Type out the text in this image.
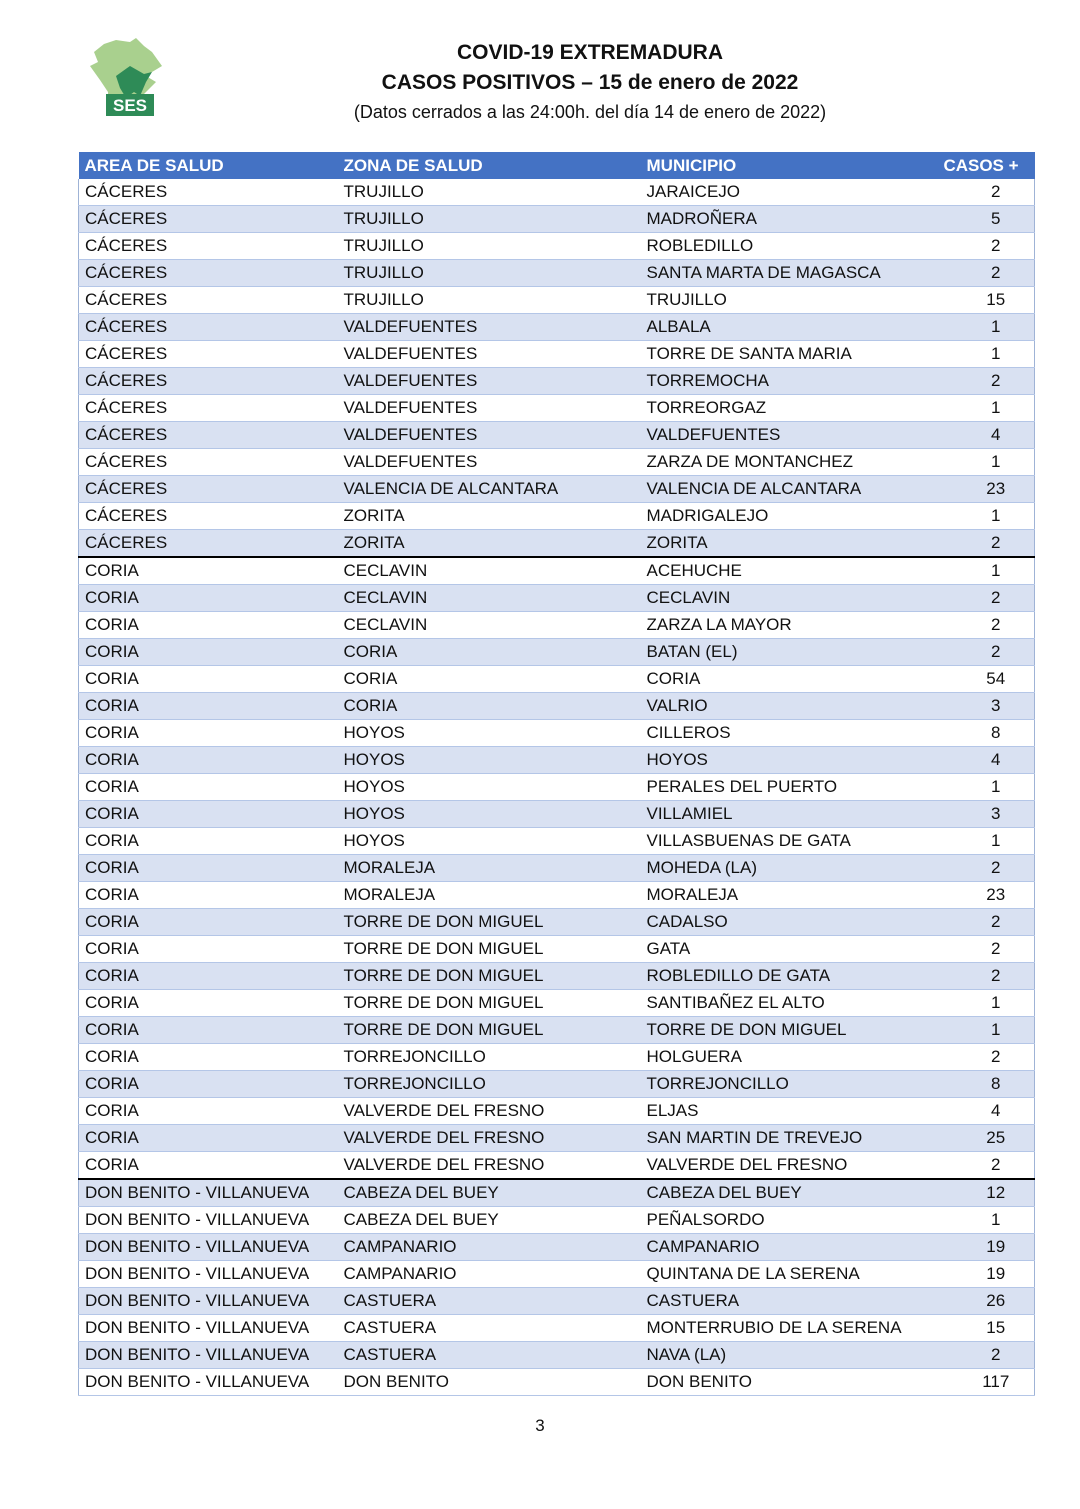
SES
COVID-19 EXTREMADURA
CASOS POSITIVOS – 15 de enero de 2022
(Datos cerrados a las 24:00h. del día 14 de enero de 2022)
AREA DE SALUD	ZONA DE SALUD	MUNICIPIO	CASOS +
CÁCERES	TRUJILLO	JARAICEJO	2
CÁCERES	TRUJILLO	MADROÑERA	5
CÁCERES	TRUJILLO	ROBLEDILLO	2
CÁCERES	TRUJILLO	SANTA MARTA DE MAGASCA	2
CÁCERES	TRUJILLO	TRUJILLO	15
CÁCERES	VALDEFUENTES	ALBALA	1
CÁCERES	VALDEFUENTES	TORRE DE SANTA MARIA	1
CÁCERES	VALDEFUENTES	TORREMOCHA	2
CÁCERES	VALDEFUENTES	TORREORGAZ	1
CÁCERES	VALDEFUENTES	VALDEFUENTES	4
CÁCERES	VALDEFUENTES	ZARZA DE MONTANCHEZ	1
CÁCERES	VALENCIA DE ALCANTARA	VALENCIA DE ALCANTARA	23
CÁCERES	ZORITA	MADRIGALEJO	1
CÁCERES	ZORITA	ZORITA	2
CORIA	CECLAVIN	ACEHUCHE	1
CORIA	CECLAVIN	CECLAVIN	2
CORIA	CECLAVIN	ZARZA LA MAYOR	2
CORIA	CORIA	BATAN (EL)	2
CORIA	CORIA	CORIA	54
CORIA	CORIA	VALRIO	3
CORIA	HOYOS	CILLEROS	8
CORIA	HOYOS	HOYOS	4
CORIA	HOYOS	PERALES DEL PUERTO	1
CORIA	HOYOS	VILLAMIEL	3
CORIA	HOYOS	VILLASBUENAS DE GATA	1
CORIA	MORALEJA	MOHEDA (LA)	2
CORIA	MORALEJA	MORALEJA	23
CORIA	TORRE DE DON MIGUEL	CADALSO	2
CORIA	TORRE DE DON MIGUEL	GATA	2
CORIA	TORRE DE DON MIGUEL	ROBLEDILLO DE GATA	2
CORIA	TORRE DE DON MIGUEL	SANTIBAÑEZ EL ALTO	1
CORIA	TORRE DE DON MIGUEL	TORRE DE DON MIGUEL	1
CORIA	TORREJONCILLO	HOLGUERA	2
CORIA	TORREJONCILLO	TORREJONCILLO	8
CORIA	VALVERDE DEL FRESNO	ELJAS	4
CORIA	VALVERDE DEL FRESNO	SAN MARTIN DE TREVEJO	25
CORIA	VALVERDE DEL FRESNO	VALVERDE DEL FRESNO	2
DON BENITO - VILLANUEVA	CABEZA DEL BUEY	CABEZA DEL BUEY	12
DON BENITO - VILLANUEVA	CABEZA DEL BUEY	PEÑALSORDO	1
DON BENITO - VILLANUEVA	CAMPANARIO	CAMPANARIO	19
DON BENITO - VILLANUEVA	CAMPANARIO	QUINTANA DE LA SERENA	19
DON BENITO - VILLANUEVA	CASTUERA	CASTUERA	26
DON BENITO - VILLANUEVA	CASTUERA	MONTERRUBIO DE LA SERENA	15
DON BENITO - VILLANUEVA	CASTUERA	NAVA (LA)	2
DON BENITO - VILLANUEVA	DON BENITO	DON BENITO	117
3
